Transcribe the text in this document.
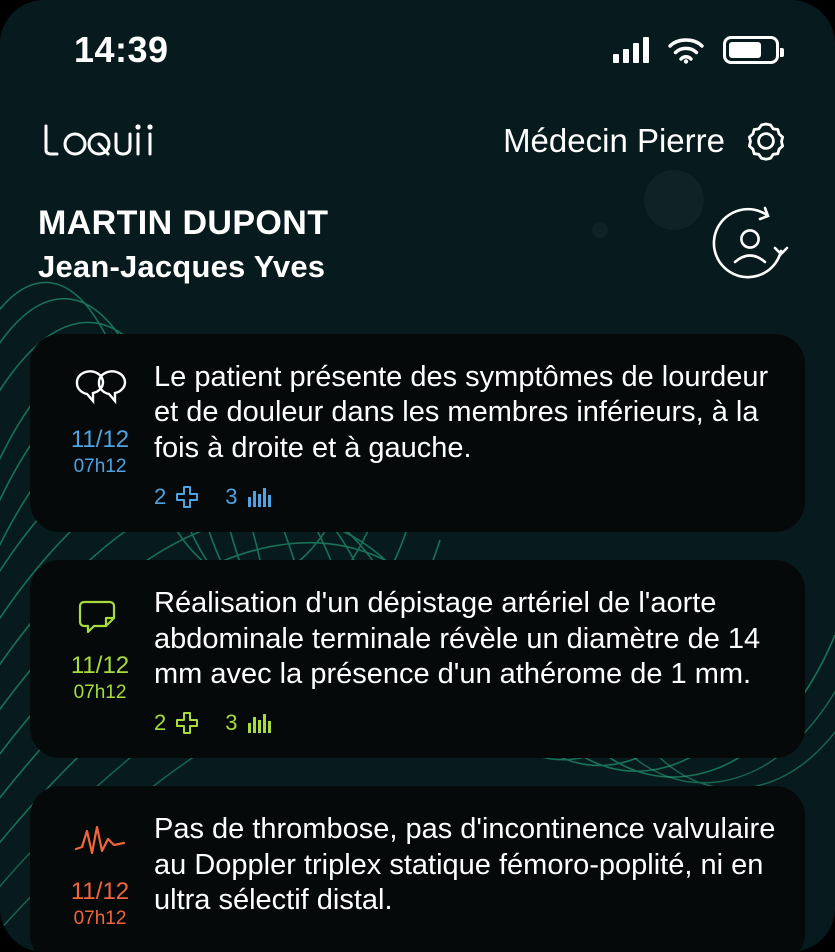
14:39
Médecin Pierre
MARTIN DUPONT
Jean-Jacques Yves
11/12
07h12
Le patient présente des symptômes de lourdeur et de douleur dans les membres inférieurs, à la fois à droite et à gauche.
2	3
11/12
07h12
Réalisation d'un dépistage artériel de l'aorte abdominale terminale révèle un diamètre de 14 mm avec la présence d'un athérome de 1 mm.
2	3
11/12
07h12
Pas de thrombose, pas d'incontinence valvulaire au Doppler triplex statique fémoro-poplité, ni en ultra sélectif distal.
